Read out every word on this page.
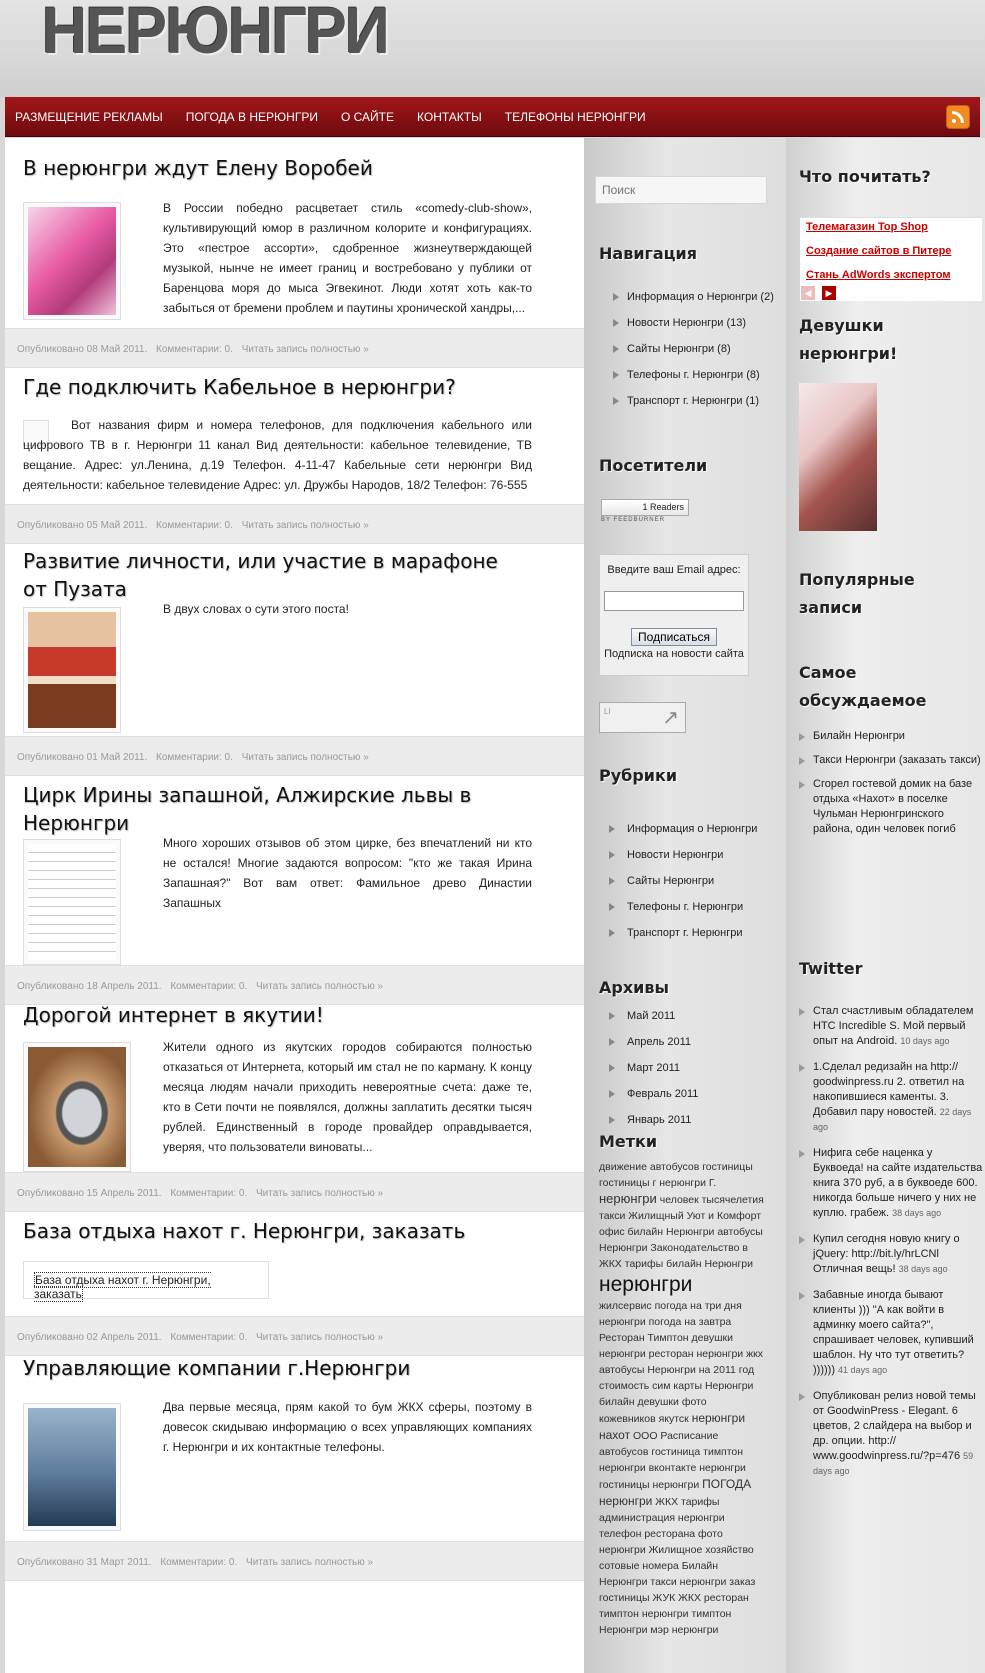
НЕРЮНГРИ
РАЗМЕЩЕНИЕ РЕКЛАМЫ ПОГОДА В НЕРЮНГРИ О САЙТЕ КОНТАКТЫ ТЕЛЕФОНЫ НЕРЮНГРИ
В нерюнгри ждут Елену Воробей
В России победно расцветает стиль «comedy-club-show», культивирующий юмор в различном колорите и конфигурациях. Это «пестрое ассорти», сдобренное жизнеутверждающей музыкой, нынче не имеет границ и востребовано у публики от Баренцова моря до мыса Эгвекинот. Люди хотят хоть как-то забыться от бремени проблем и паутины хронической хандры,...
Опубликовано 08 Май 2011. Комментарии: 0. Читать запись полностью »
Где подключить Кабельное в нерюнгри?
Вот названия фирм и номера телефонов, для подключения кабельного или цифрового ТВ в г. Нерюнгри 11 канал Вид деятельности: кабельное телевидение, ТВ вещание. Адрес: ул.Ленина, д.19 Телефон. 4-11-47 Кабельные сети нерюнгри Вид деятельности: кабельное телевидение Адрес: ул. Дружбы Народов, 18/2 Телефон: 76-555
Опубликовано 05 Май 2011. Комментарии: 0. Читать запись полностью »
Развитие личности, или участие в марафоне от Пузата
В двух словах о сути этого поста!
Опубликовано 01 Май 2011. Комментарии: 0. Читать запись полностью »
Цирк Ирины запашной, Алжирские львы в Нерюнгри
Много хороших отзывов об этом цирке, без впечатлений ни кто не остался! Многие задаются вопросом: "кто же такая Ирина Запашная?" Вот вам ответ: Фамильное древо Династии Запашных
Опубликовано 18 Апрель 2011. Комментарии: 0. Читать запись полностью »
Дорогой интернет в якутии!
Жители одного из якутских городов собираются полностью отказаться от Интернета, который им стал не по карману. К концу месяца людям начали приходить невероятные счета: даже те, кто в Сети почти не появлялся, должны заплатить десятки тысяч рублей. Единственный в городе провайдер оправдывается, уверяя, что пользователи виноваты...
Опубликовано 15 Апрель 2011. Комментарии: 0. Читать запись полностью »
База отдыха нахот г. Нерюнгри, заказать
База отдыха нахот г. Нерюнгри, заказать
Опубликовано 02 Апрель 2011. Комментарии: 0. Читать запись полностью »
Управляющие компании г.Нерюнгри
Два первые месяца, прям какой то бум ЖКХ сферы, поэтому в довесок скидываю информацию о всех управляющих компаниях г. Нерюнгри и их контактные телефоны.
Опубликовано 31 Март 2011. Комментарии: 0. Читать запись полностью »
Поиск
Навигация
Информация о Нерюнгри (2)
Новости Нерюнгри (13)
Сайты Нерюнгри (8)
Телефоны г. Нерюнгри (8)
Транспорт г. Нерюнгри (1)
Посетители
1 Readers
BY FEEDBURNER
Введите ваш Email адрес:
Подписаться
Подписка на новости сайта
LI	↗
Рубрики
Информация о Нерюнгри
Новости Нерюнгри
Сайты Нерюнгри
Телефоны г. Нерюнгри
Транспорт г. Нерюнгри
Архивы
Май 2011
Апрель 2011
Март 2011
Февраль 2011
Январь 2011
Метки
движение автобусов гостиницы гостиницы г нерюнгри Г. нерюнгри человек тысячелетия такси Жилищный Уют и Комфорт офис билайн Нерюнгри автобусы Нерюнгри Законодательство в ЖКХ тарифы билайн Нерюнгри
нерюнгри
жилсервис погода на три дня нерюнгри погода на завтра Ресторан Тимптон девушки нерюнгри ресторан нерюнгри жкх автобусы Нерюнгри на 2011 год стоимость сим карты Нерюнгри билайн девушки фото кожевников якутск нерюнгри нахот ООО Расписание автобусов гостиница тимптон нерюнгри вконтакте нерюнгри гостиницы нерюнгри ПОГОДА нерюнгри ЖКХ тарифы администрация нерюнгри телефон ресторана фото нерюнгри Жилищное хозяйство сотовые номера Билайн Нерюнгри такси нерюнгри заказ гостиницы ЖУК ЖКХ ресторан тимптон нерюнгри тимптон Нерюнгри мэр нерюнгри
Что почитать?
Телемагазин Top Shop
Создание сайтов в Питере
Стань AdWords экспертом
◀	▶
Девушки нерюнгри!
Популярные записи
Самое обсуждаемое
Билайн Нерюнгри
Такси Нерюнгри (заказать такси)
Сгорел гостевой домик на базе отдыха «Нахот» в поселке Чульман Нерюнгринского района, один человек погиб
Twitter
Стал счастливым обладателем HTC Incredible S. Мой первый опыт на Android. 10 days ago
1.Сделал редизайн на http:// goodwinpress.ru 2. ответил на накопившиеся каменты. 3. Добавил пару новостей. 22 days ago
Нифига себе наценка у Буквоеда! на сайте издательства книга 370 руб, а в буквоеде 600. никогда больше ничего у них не куплю. грабеж. 38 days ago
Купил сегодня новую книгу о jQuery: http://bit.ly/hrLCNl Отличная вещь! 38 days ago
Забавные иногда бывают клиенты ))) "А как войти в админку моего сайта?", спрашивает человек, купивший шаблон. Ну что тут ответить? )))))) 41 days ago
Опубликован релиз новой темы от GoodwinPress - Elegant. 6 цветов, 2 слайдера на выбор и др. опции. http:// www.goodwinpress.ru/?p=476 59 days ago
